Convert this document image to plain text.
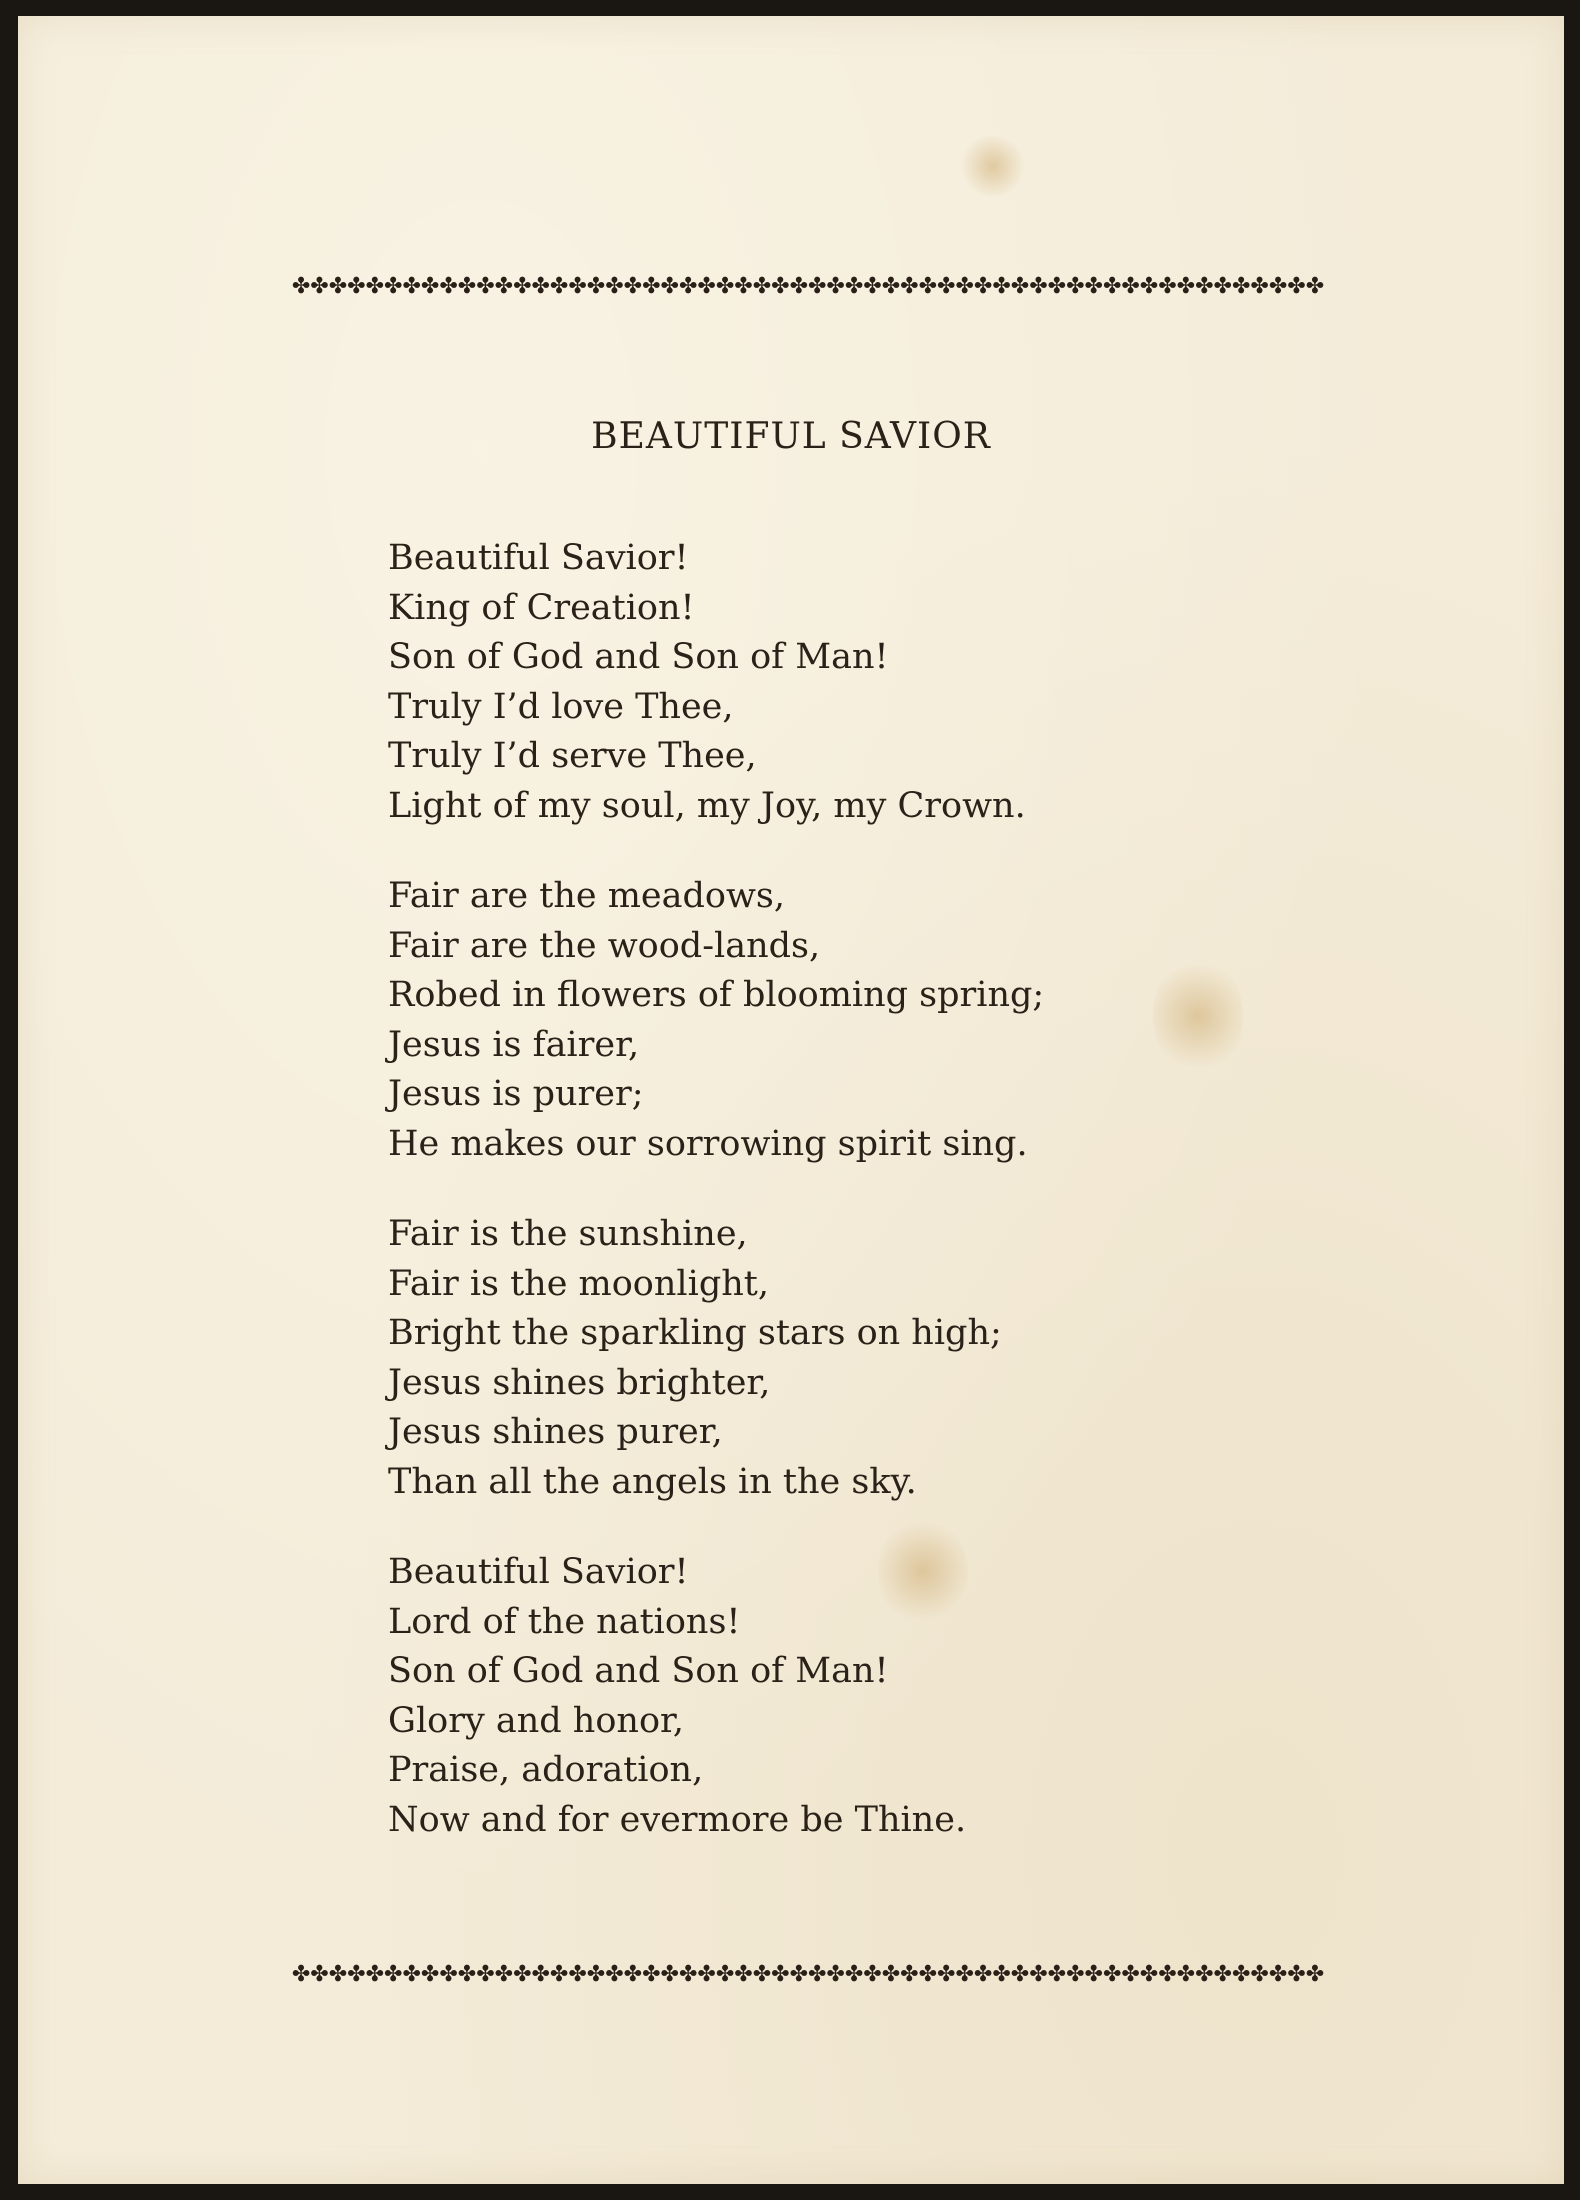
✤✤✤✤✤✤✤✤✤✤✤✤✤✤✤✤✤✤✤✤✤✤✤✤✤✤✤✤✤✤✤✤✤✤✤✤✤✤✤✤✤✤✤✤✤✤✤✤✤✤✤✤✤✤✤✤
BEAUTIFUL SAVIOR
Beautiful Savior!
King of Creation!
Son of God and Son of Man!
Truly I’d love Thee,
Truly I’d serve Thee,
Light of my soul, my Joy, my Crown.
Fair are the meadows,
Fair are the wood-lands,
Robed in flowers of blooming spring;
Jesus is fairer,
Jesus is purer;
He makes our sorrowing spirit sing.
Fair is the sunshine,
Fair is the moonlight,
Bright the sparkling stars on high;
Jesus shines brighter,
Jesus shines purer,
Than all the angels in the sky.
Beautiful Savior!
Lord of the nations!
Son of God and Son of Man!
Glory and honor,
Praise, adoration,
Now and for evermore be Thine.
✤✤✤✤✤✤✤✤✤✤✤✤✤✤✤✤✤✤✤✤✤✤✤✤✤✤✤✤✤✤✤✤✤✤✤✤✤✤✤✤✤✤✤✤✤✤✤✤✤✤✤✤✤✤✤✤
